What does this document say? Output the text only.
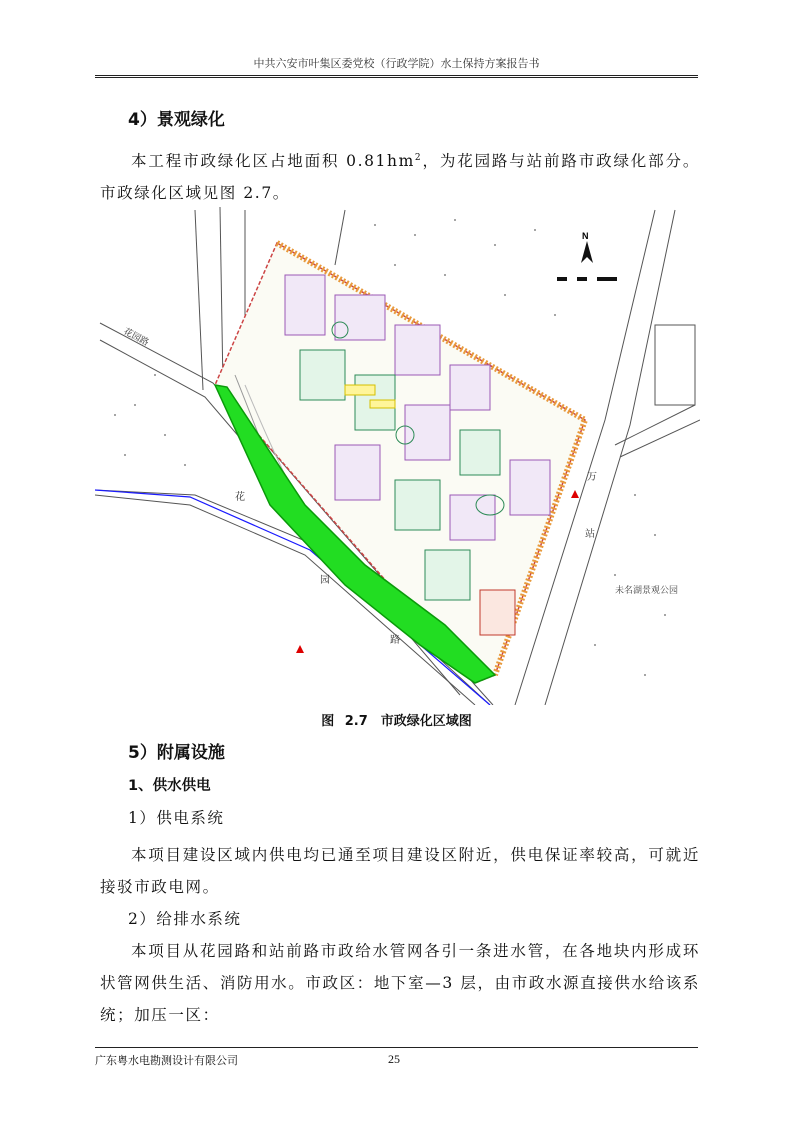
中共六安市叶集区委党校（行政学院）水土保持方案报告书
4）景观绿化

本工程市政绿化区占地面积 $0.81hm^2$，为花园路与站前路市政绿化部分。市政绿化区域见图 2.7。

N
花园路
花
园
路
站
万
未名湖景观公园
图 2.7　市政绿化区域图
5）附属设施
1、供水供电
1）供电系统

本项目建设区域内供电均已通至项目建设区附近，供电保证率较高，可就近接驳市政电网。

2）给排水系统

本项目从花园路和站前路市政给水管网各引一条进水管，在各地块内形成环状管网供生活、消防用水。市政区：地下室—3 层，由市政水源直接供水给该系统；加压一区：

广东粤水电勘测设计有限公司	25
